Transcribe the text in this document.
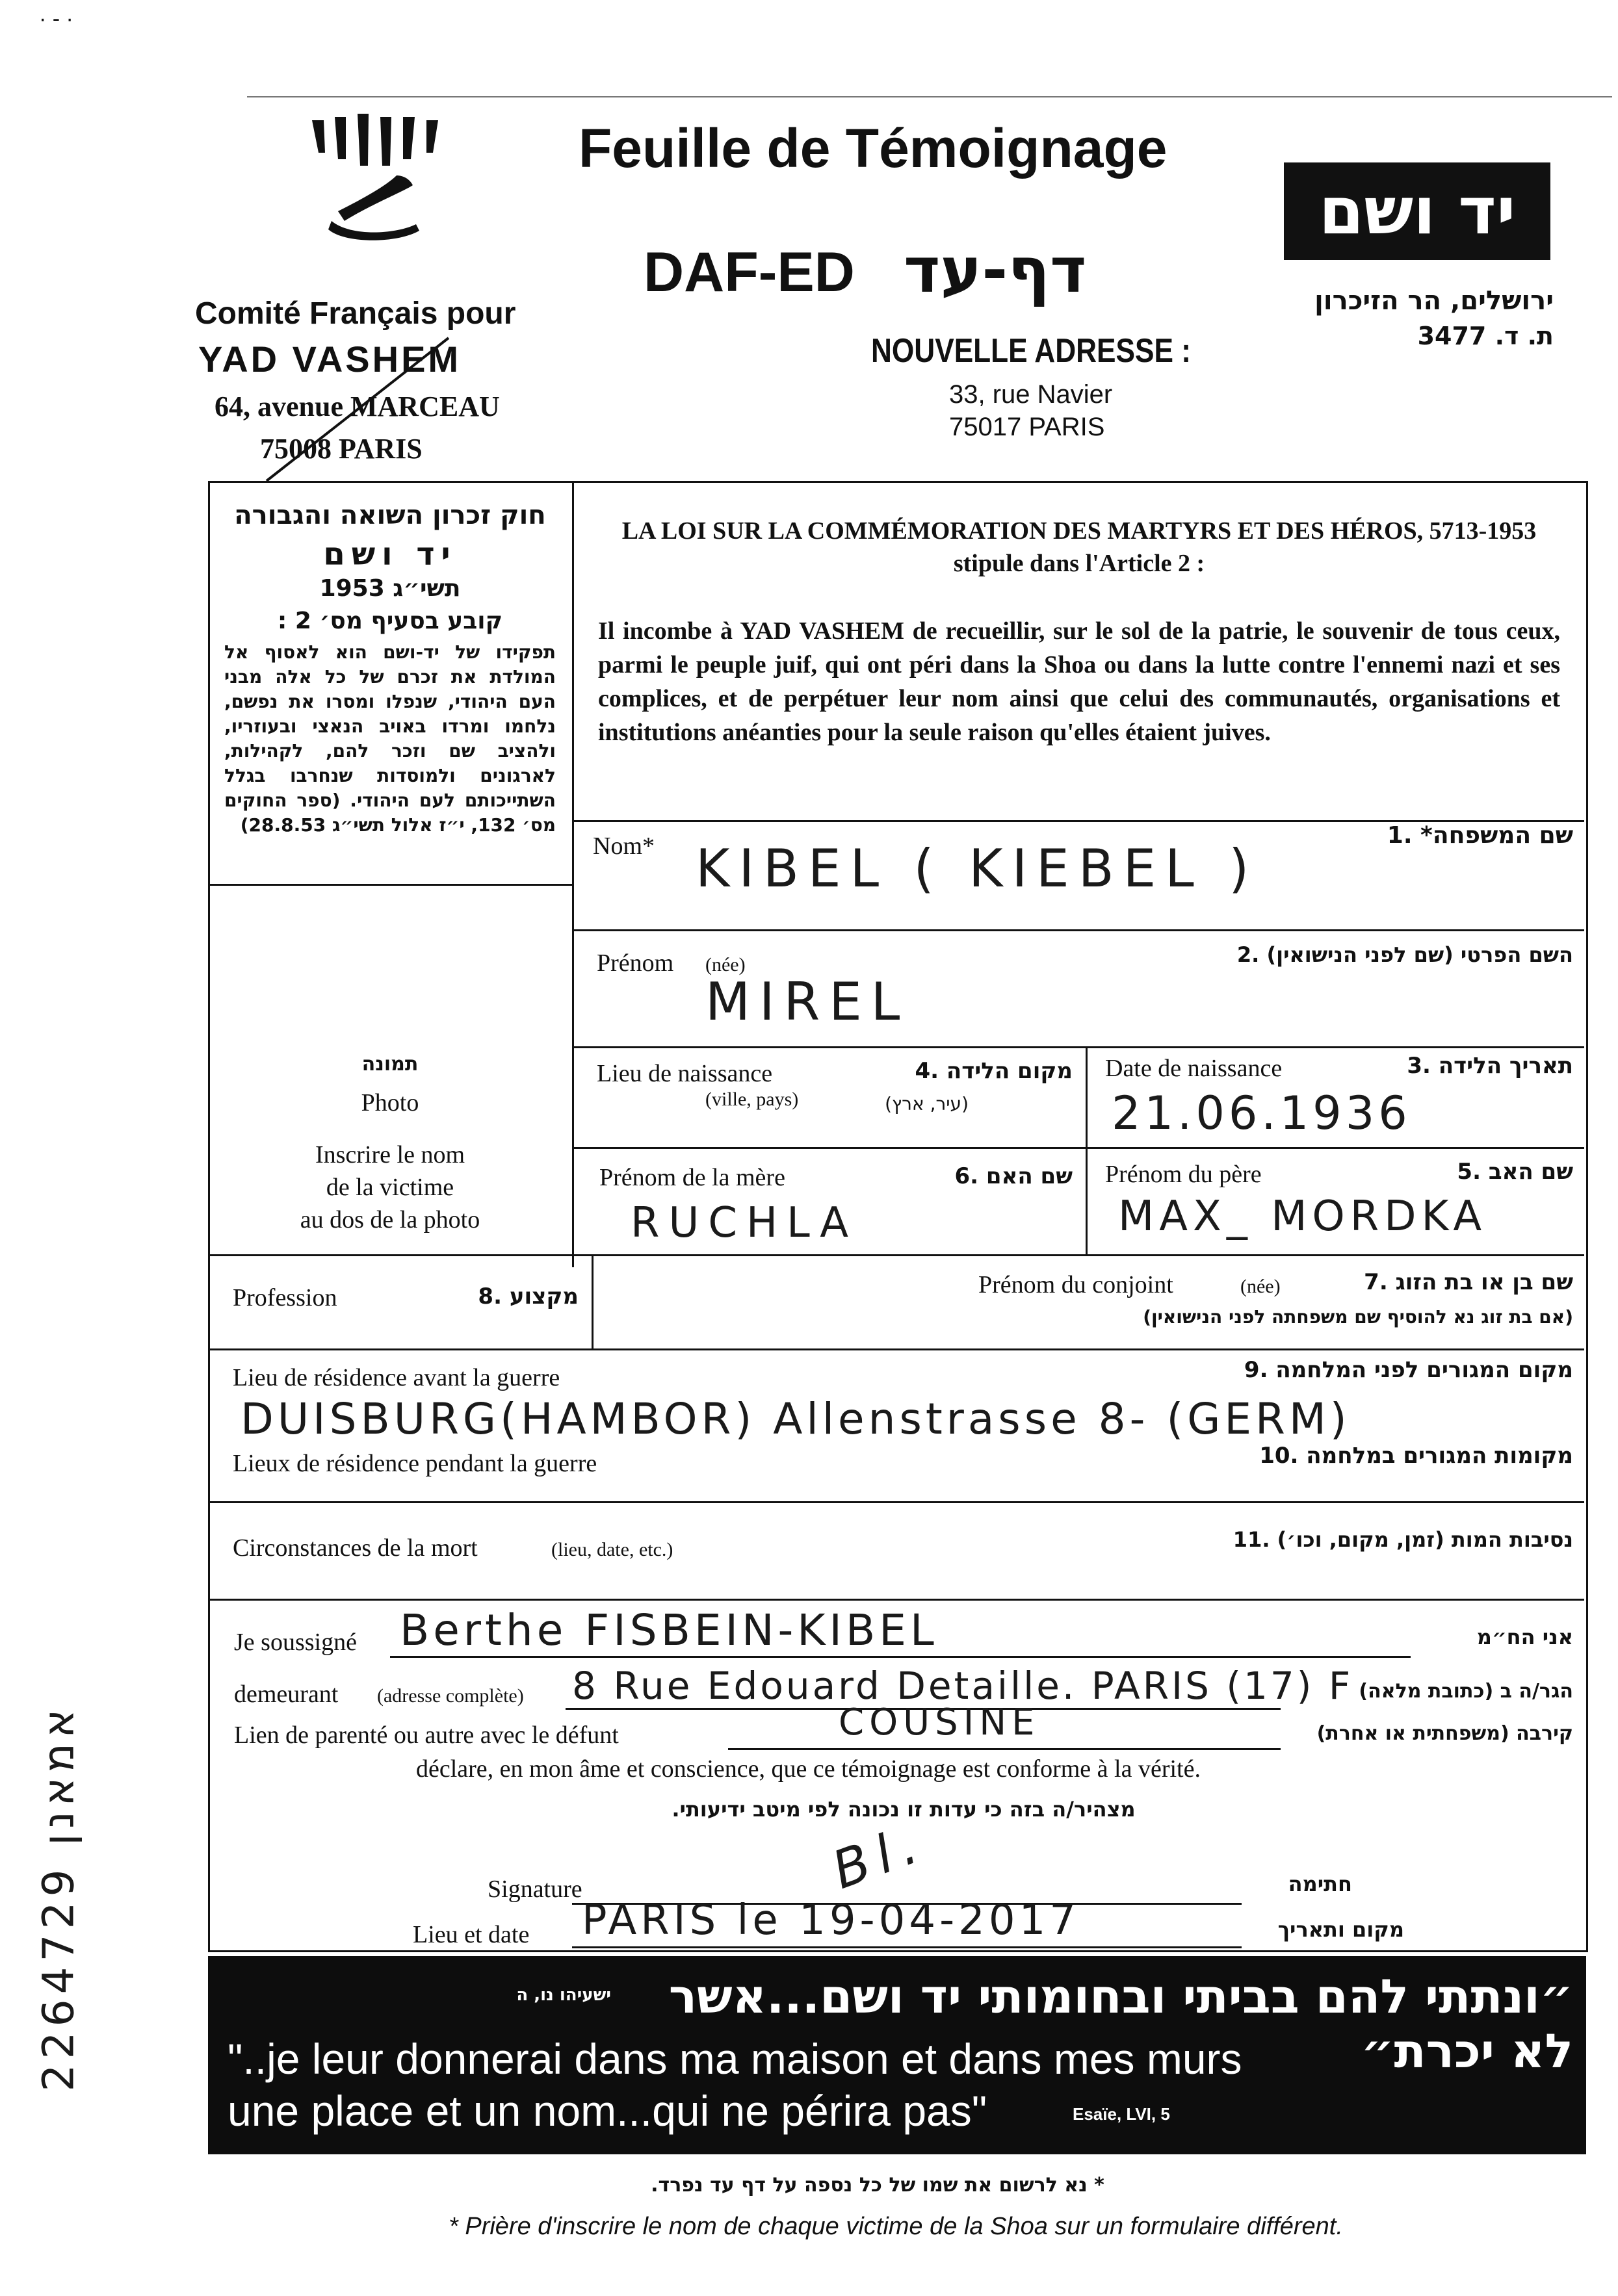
· - ·
אמאנן 2264729
Comité Français pour
YAD VASHEM
64, avenue MARCEAU
75008 PARIS
Feuille de Témoignage
DAF-ED דף-עד
NOUVELLE ADRESSE :
33, rue Navier
75017 PARIS
יד ושם
ירושלים, הר הזיכרון
ת. ד. 3477
חוק זכרון השואה והגבורה
יד ושם
תשי״ג 1953
קובע בסעיף מס׳ 2 :
תפקידו של יד-ושם הוא לאסוף אל המולדת את זכרם של כל אלה מבני העם היהודי, שנפלו ומסרו את נפשם, נלחמו ומרדו באויב הנאצי ובעוזריו, ולהציב שם וזכר להם, לקהילות, לארגונים ולמוסדות שנחרבו בגלל השתייכותם לעם היהודי. (ספר החוקים מס׳ 132, י״ז אלול תשי״ג 28.8.53)
LA LOI SUR LA COMMÉMORATION DES MARTYRS ET DES HÉROS, 5713-1953
stipule dans l'Article 2 :
Il incombe à YAD VASHEM de recueillir, sur le sol de la patrie, le souvenir de tous ceux, parmi le peuple juif, qui ont péri dans la Shoa ou dans la lutte contre l'ennemi nazi et ses complices, et de perpétuer leur nom ainsi que celui des communautés, organisations et institutions anéanties pour la seule raison qu'elles étaient juives.
תמונה
Photo
Inscrire le nom
de la victime
au dos de la photo
Nom*	שם המשפחה* .1
KIBEL ( KIEBEL )
Prénom (née)	השם הפרטי (שם לפני הנישואין) .2
MIREL
Lieu de naissance
(ville, pays)
מקום הלידה .4
(עיר, ארץ)
Date de naissance	תאריך הלידה .3
21.06.1936
Prénom de la mère	שם האם .6
RUCHLA
Prénom du père	שם האב .5
MAX_ MORDKA
Profession	מקצוע .8	Prénom du conjoint	(née)	שם בן או בת הזוג .7
(אם בת זוג נא להוסיף שם משפחתה לפני הנישואין)
Lieu de résidence avant la guerre	מקום המגורים לפני המלחמה .9
DUISBURG(HAMBOR) Allenstrasse 8- (GERM)
Lieux de résidence pendant la guerre	מקומות המגורים במלחמה .10
Circonstances de la mort	(lieu, date, etc.)	נסיבות המות (זמן, מקום, וכו׳) .11
Je soussigné	אני הח״מ
Berthe FISBEIN-KIBEL
demeurant (adresse complète)	הגר/ה ב (כתובת מלאה)
8 Rue Edouard Detaille. PARIS (17) F
Lien de parenté ou autre avec le défunt	קירבה (משפחתית או אחרת)
COUSINE
déclare, en mon âme et conscience, que ce témoignage est conforme à la vérité.
מצהיר/ה בזה כי עדות זו נכונה לפי מיטב ידיעותי.
Signature	חתימה
Bl.
Lieu et date	מקום ותאריך
PARIS le 19-04-2017
״ונתתי להם בביתי ובחומותי יד ושם...אשר לא יכרת״
ישעיהו נו, ה
"..je leur donnerai dans ma maison et dans mes murs
une place et un nom...qui ne périra pas"	Esaïe, LVI, 5
* נא לרשום את שמו של כל נספה על דף עד נפרד.
* Prière d'inscrire le nom de chaque victime de la Shoa sur un formulaire différent.
